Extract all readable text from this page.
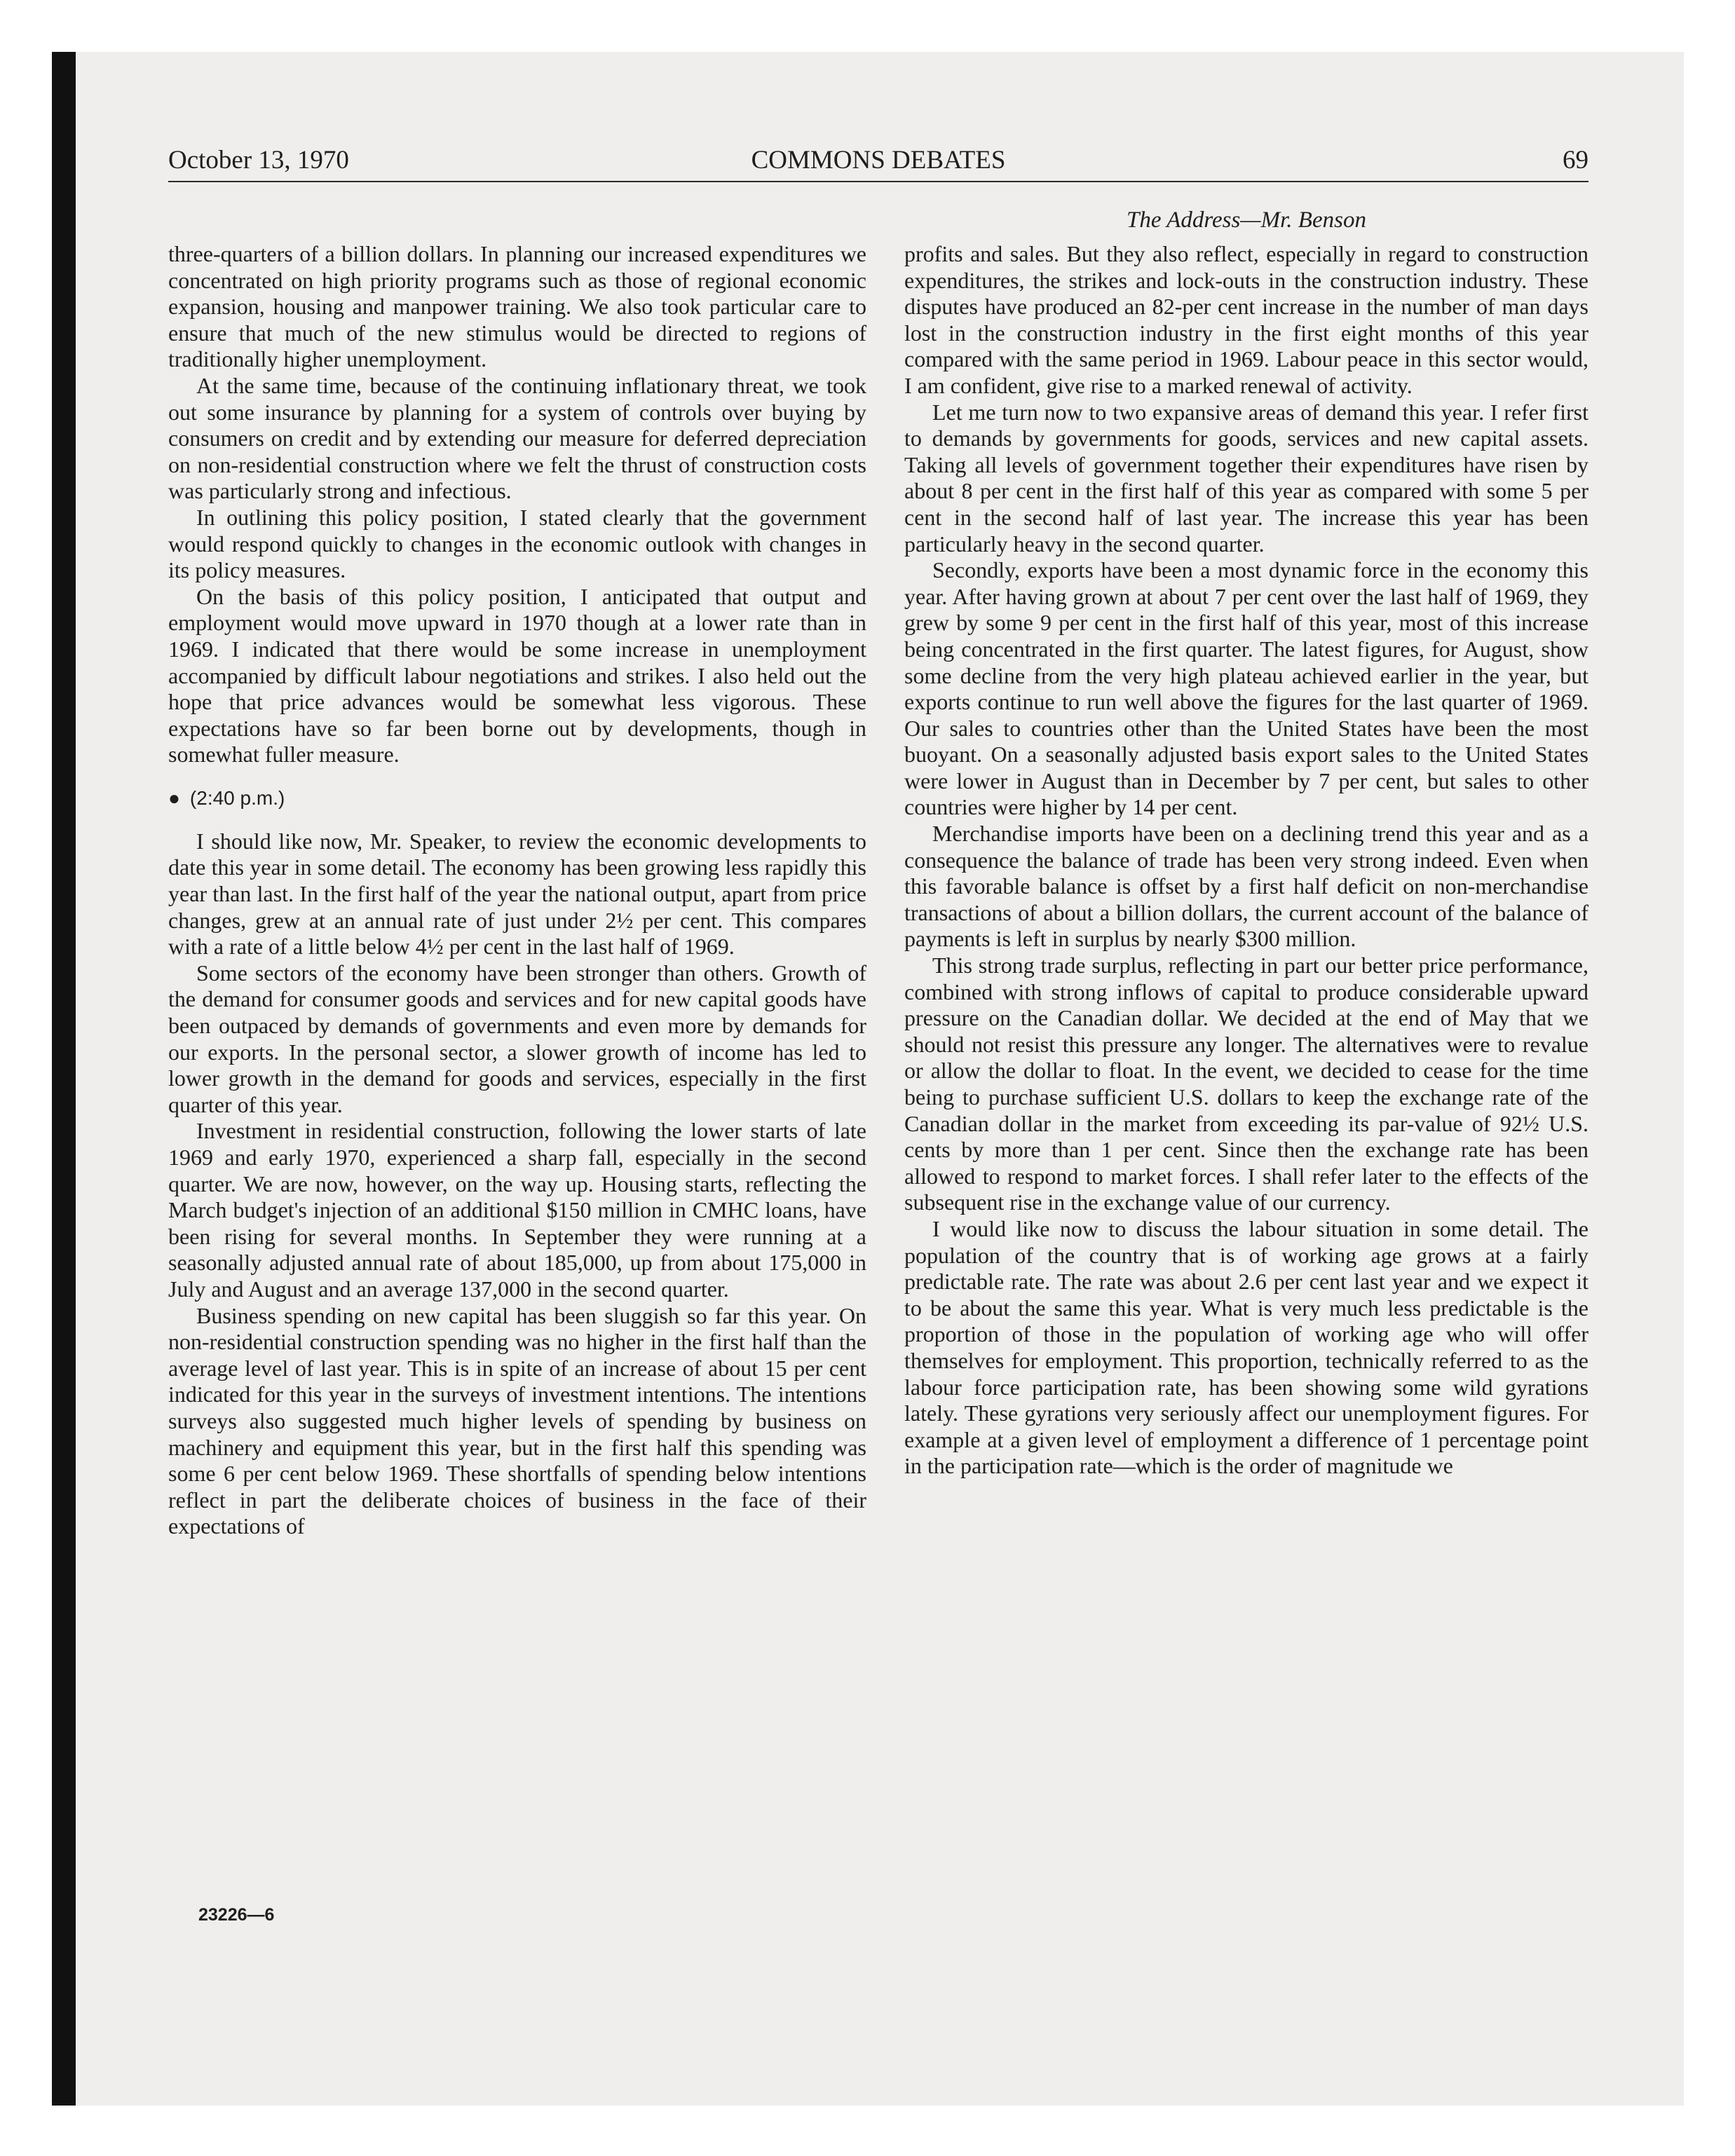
October 13, 1970	COMMONS DEBATES	69
The Address—Mr. Benson

three-quarters of a billion dollars. In planning our increased expenditures we concentrated on high priority programs such as those of regional economic expansion, housing and manpower training. We also took particular care to ensure that much of the new stimulus would be directed to regions of traditionally higher unemployment.

At the same time, because of the continuing inflationary threat, we took out some insurance by planning for a system of controls over buying by consumers on credit and by extending our measure for deferred depreciation on non-residential construction where we felt the thrust of construction costs was particularly strong and infectious.

In outlining this policy position, I stated clearly that the government would respond quickly to changes in the economic outlook with changes in its policy measures.

On the basis of this policy position, I anticipated that output and employment would move upward in 1970 though at a lower rate than in 1969. I indicated that there would be some increase in unemployment accompanied by difficult labour negotiations and strikes. I also held out the hope that price advances would be somewhat less vigorous. These expectations have so far been borne out by developments, though in somewhat fuller measure.

● (2:40 p.m.)

I should like now, Mr. Speaker, to review the economic developments to date this year in some detail. The economy has been growing less rapidly this year than last. In the first half of the year the national output, apart from price changes, grew at an annual rate of just under 2½ per cent. This compares with a rate of a little below 4½ per cent in the last half of 1969.

Some sectors of the economy have been stronger than others. Growth of the demand for consumer goods and services and for new capital goods have been outpaced by demands of governments and even more by demands for our exports. In the personal sector, a slower growth of income has led to lower growth in the demand for goods and services, especially in the first quarter of this year.

Investment in residential construction, following the lower starts of late 1969 and early 1970, experienced a sharp fall, especially in the second quarter. We are now, however, on the way up. Housing starts, reflecting the March budget's injection of an additional $150 million in CMHC loans, have been rising for several months. In September they were running at a seasonally adjusted annual rate of about 185,000, up from about 175,000 in July and August and an average 137,000 in the second quarter.

Business spending on new capital has been sluggish so far this year. On non-residential construction spending was no higher in the first half than the average level of last year. This is in spite of an increase of about 15 per cent indicated for this year in the surveys of investment intentions. The intentions surveys also suggested much higher levels of spending by business on machinery and equipment this year, but in the first half this spending was some 6 per cent below 1969. These shortfalls of spending below intentions reflect in part the deliberate choices of business in the face of their expectations of

profits and sales. But they also reflect, especially in regard to construction expenditures, the strikes and lock-outs in the construction industry. These disputes have produced an 82-per cent increase in the number of man days lost in the construction industry in the first eight months of this year compared with the same period in 1969. Labour peace in this sector would, I am confident, give rise to a marked renewal of activity.

Let me turn now to two expansive areas of demand this year. I refer first to demands by governments for goods, services and new capital assets. Taking all levels of government together their expenditures have risen by about 8 per cent in the first half of this year as compared with some 5 per cent in the second half of last year. The increase this year has been particularly heavy in the second quarter.

Secondly, exports have been a most dynamic force in the economy this year. After having grown at about 7 per cent over the last half of 1969, they grew by some 9 per cent in the first half of this year, most of this increase being concentrated in the first quarter. The latest figures, for August, show some decline from the very high plateau achieved earlier in the year, but exports continue to run well above the figures for the last quarter of 1969. Our sales to countries other than the United States have been the most buoyant. On a seasonally adjusted basis export sales to the United States were lower in August than in December by 7 per cent, but sales to other countries were higher by 14 per cent.

Merchandise imports have been on a declining trend this year and as a consequence the balance of trade has been very strong indeed. Even when this favorable balance is offset by a first half deficit on non-merchandise transactions of about a billion dollars, the current account of the balance of payments is left in surplus by nearly $300 million.

This strong trade surplus, reflecting in part our better price performance, combined with strong inflows of capital to produce considerable upward pressure on the Canadian dollar. We decided at the end of May that we should not resist this pressure any longer. The alternatives were to revalue or allow the dollar to float. In the event, we decided to cease for the time being to purchase sufficient U.S. dollars to keep the exchange rate of the Canadian dollar in the market from exceeding its par-value of 92½ U.S. cents by more than 1 per cent. Since then the exchange rate has been allowed to respond to market forces. I shall refer later to the effects of the subsequent rise in the exchange value of our currency.

I would like now to discuss the labour situation in some detail. The population of the country that is of working age grows at a fairly predictable rate. The rate was about 2.6 per cent last year and we expect it to be about the same this year. What is very much less predictable is the proportion of those in the population of working age who will offer themselves for employment. This proportion, technically referred to as the labour force participation rate, has been showing some wild gyrations lately. These gyrations very seriously affect our unemployment figures. For example at a given level of employment a difference of 1 percentage point in the participation rate—which is the order of magnitude we

23226—6
